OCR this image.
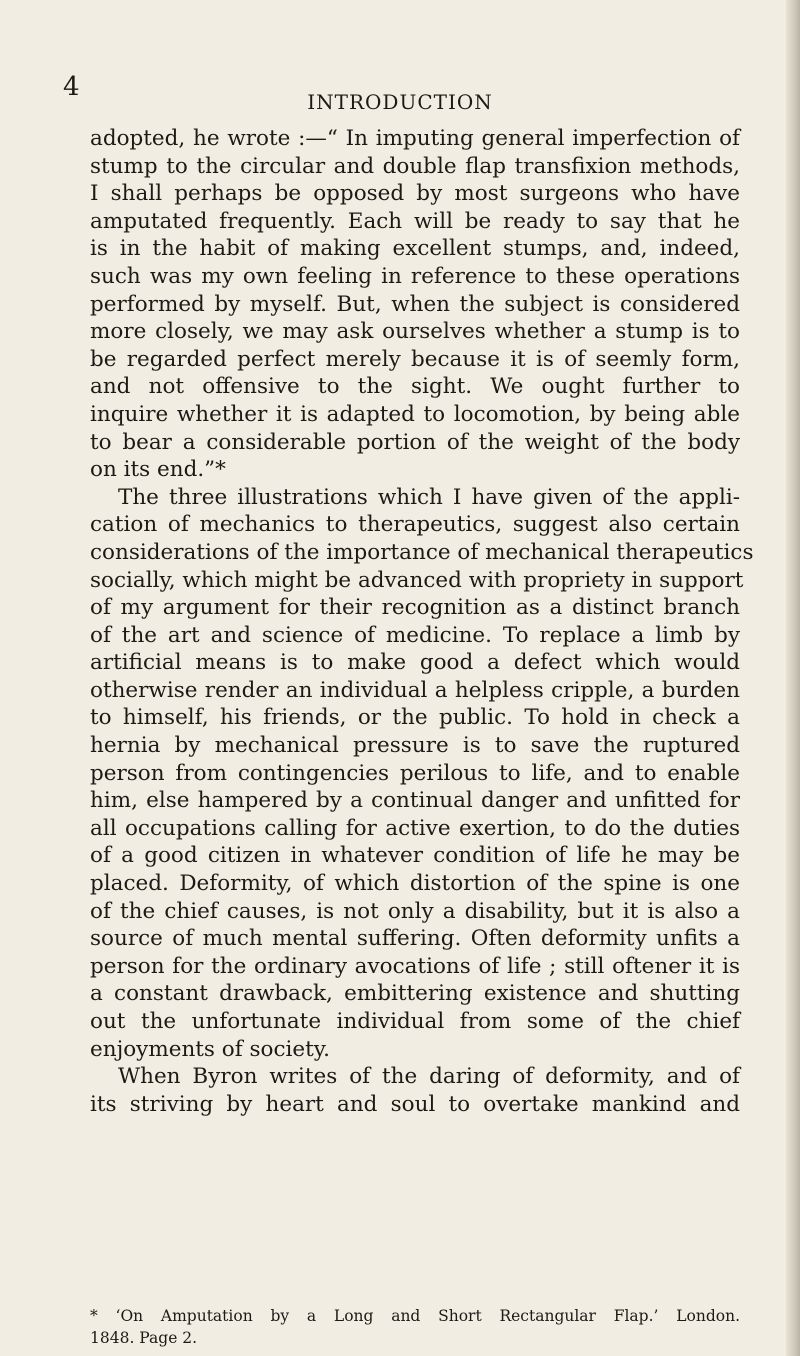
4	INTRODUCTION
adopted, he wrote :—“ In imputing general imperfection of
stump to the circular and double flap transfixion methods,
I shall perhaps be opposed by most surgeons who have
amputated frequently. Each will be ready to say that he
is in the habit of making excellent stumps, and, indeed,
such was my own feeling in reference to these operations
performed by myself. But, when the subject is considered
more closely, we may ask ourselves whether a stump is to
be regarded perfect merely because it is of seemly form,
and not offensive to the sight. We ought further to
inquire whether it is adapted to locomotion, by being able
to bear a considerable portion of the weight of the body
on its end.”*
The three illustrations which I have given of the appli-
cation of mechanics to therapeutics, suggest also certain
considerations of the importance of mechanical therapeutics
socially, which might be advanced with propriety in support
of my argument for their recognition as a distinct branch
of the art and science of medicine. To replace a limb by
artificial means is to make good a defect which would
otherwise render an individual a helpless cripple, a burden
to himself, his friends, or the public. To hold in check a
hernia by mechanical pressure is to save the ruptured
person from contingencies perilous to life, and to enable
him, else hampered by a continual danger and unfitted for
all occupations calling for active exertion, to do the duties
of a good citizen in whatever condition of life he may be
placed. Deformity, of which distortion of the spine is one
of the chief causes, is not only a disability, but it is also a
source of much mental suffering. Often deformity unfits a
person for the ordinary avocations of life ; still oftener it is
a constant drawback, embittering existence and shutting
out the unfortunate individual from some of the chief
enjoyments of society.
When Byron writes of the daring of deformity, and of
its striving by heart and soul to overtake mankind and
* ‘On Amputation by a Long and Short Rectangular Flap.’ London.
1848. Page 2.
